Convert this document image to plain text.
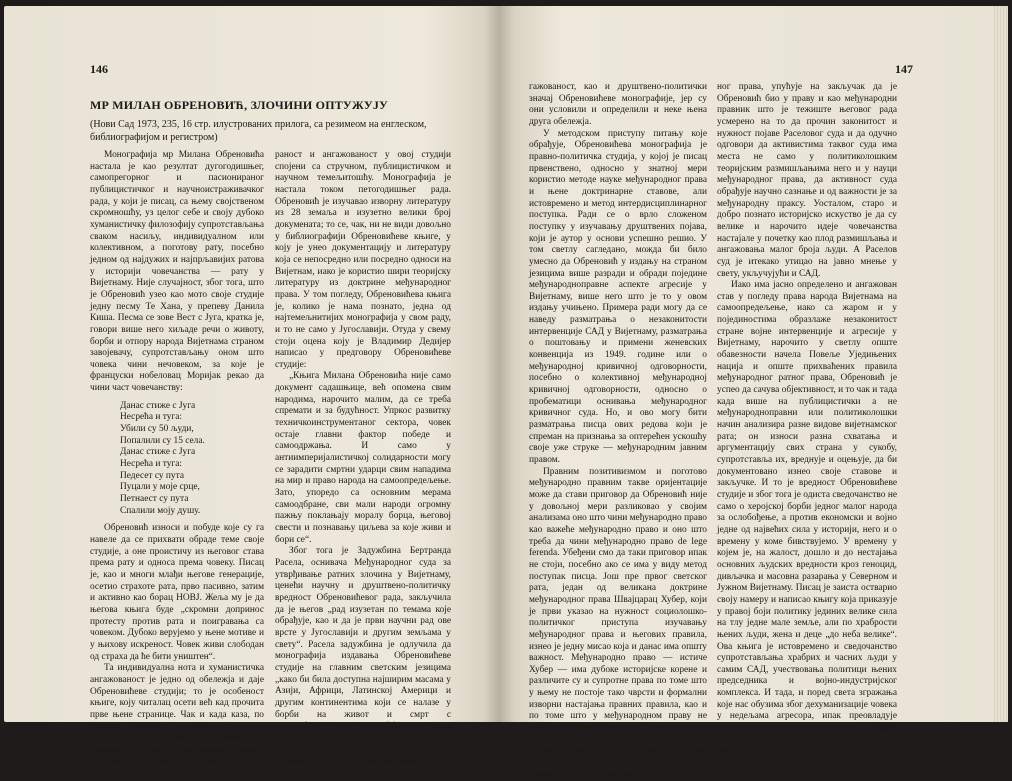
146
МР МИЛАН ОБРЕНОВИЋ, ЗЛОЧИНИ ОПТУЖУЈУ
(Нови Сад 1973, 235, 16 стр. илустрованих прилога, са резимеом на енглеском, библиографијом и регистром)

Монографија мр Милана Обреновића настала је као резултат дугогодишњег, самопрегорног и пасионираног публицистичког и научноистраживачког рада, у који је писац, са њему својственом скромношћу, уз целог себе и своју дубоко хуманистичку филозофију супротстављања сваком насиљу, индивидуалном или колективном, а поготову рату, посебно једном од најдужих и најпрљавијих ратова у историји човечанства — рату у Вијетнаму. Није случајност, због тога, што је Обреновић узео као мото своје студије једну песму Те Хана, у препеву Данила Киша. Песма се зове Вест с Југа, кратка је, говори више него хиљаде речи о животу, борби и отпору народа Вијетнама страном завојевачу, супротстављању оном што човека чини нечовеком, за које је француски нобеловац Моријак рекао да чини част човечанству:

Данас стиже с Југа
Несрећа и туга:
Убили су 50 људи,
Попалили су 15 села.
Данас стиже с Југа
Несрећа и туга:
Педесет су пута
Пуцали у моје срце,
Петнаест су пута
Спалили моју душу.

Обреновић износи и побуде које су га навеле да се прихвати обраде теме своје студије, а оне проистичу из његовог става према рату и односа према човеку. Писац је, као и многи млађи његове генерације, осетио страхоте рата, прво пасивно, затим и активно као борац НОВЈ. Жеља му је да његова књига буде „скромни допринос протесту против рата и поигравања са човеком. Дубоко верујемо у њене мотиве и у њихову искреност. Човек живи слободан од страха да ће бити уништен“.

Та индивидуална нота и хуманистичка ангажованост је једно од обележја и даје Обреновићеве студији; то је особеност књиге, коју читалац осети већ кад прочита прве њене странице. Чак и када каза, по природи предмета о којем расправља, аутор мора да користи понекад и сувопарну терминологију правних наука, посебно међународног права. Тако су пасиони-

раност и ангажованост у овој студији спојени са стручном, публицистичком и научном темељитошћу. Монографија је настала током петогодишњег рада. Обреновић је изучавао изворну литературу из 28 земаља и изузетно велики број докумената; то се, чак, ни не види довољно у библиографији Обреновићеве књиге, у коју је унео документацију и литературу која се непосредно или посредно односи на Вијетнам, иако је користио шири теоријску литературу из доктрине међународног права. У том погледу, Обреновићева књига је, колико је нама познато, једна од најтемељнитијих монографија у свом раду, и то не само у Југославији. Отуда у свему стоји оцена коју је Владимир Дедијер написао у предговору Обреновићеве студије:

„Књига Милана Обреновића није само документ садашњице, већ опомена свим народима, нарочито малим, да се треба спремати и за будућност. Упркос развитку техничкоинструментаног сектора, човек остаје главни фактор победе и самоодржања. И само у антиимперијалистичкој солидарности могу се зарадити смртни ударци свим нападима на мир и право народа на самоопредељење. Зато, упоредо са основним мерама самоодбране, сви мали народи огромну пажњу поклањају моралу борца, његовој свести и познавању циљева за које живи и бори се“.

Због тога је Задужбина Бертранда Расела, оснивача Међународног суда за утврђивање ратних злочина у Вијетнаму, ценећи научну и друштвено-политичку вредност Обреновићевог рада, закључила да је његов „рад изузетан по темама које обрађује, као и да је први научни рад ове врсте у Југославији и другим земљама у свету“. Расела задужбина је одлучила да монографија издавања Обреновићеве студије на главним светским језицима „какo би била доступна најширим масама у Азији, Африци, Латинској Америци и другим континентима који се налазе у борби на живот и смрт с империјалистичким силама“ (из предговора В. Дедијера).

Било је потребно да се истакну индивидуална нота и хуманистичка ан-

147

гажованост, као и друштвено-политички значај Обреновићеве монографије, јер су они условили и определили и неке њена друга обележја.

У методском приступу питању које обрађује, Обреновићева монографија је правно-политичка студија, у којој је писац првенствено, односно у знатној мери користио методе науке међународног права и њене доктринарне ставове, али истовремено и метод интердисциплинарног поступка. Ради се о врло сложеном поступку у изучавању друштвених појава, који је аутор у основи успешно решио. У том светлу сагледано, можда би било умесно да Обреновић у издању на страном језицима више разради и обради поједине међународноправне аспекте агресије у Вијетнаму, више него што је то у овом издању учињено. Примера ради могу да се наведу разматрања о незаконитости интервенције САД у Вијетнаму, разматрања о поштовању и примени женевских конвенција из 1949. године или о међународној кривичној одговорности, посебно о колективној међународној кривичној одговорности, односно о пробематици оснивања међународног кривичног суда. Но, и ово могу бити разматрања писца ових редова који је спреман на признања за оптерећен ускошћу своје уже струке — међународним јавним правом.

Правним позитивизмом и поготово међународно правним такве оријентације може да стави приговор да Обреновић није у довољној мери разликовао у својим анализама оно што чини међународно право као важеће међународно право и оно што треба да чини међународно право de lege ferenda. Убеђени смо да таки приговор ипак не стоји, посебно ако се има у виду метод поступак писца. Још пре првог светског рата, један од великана доктрине међународног права Швајцарац Хубер, који је први указао на нужност социолошко-политичког приступа изучавању међународног права и његових правила, изнео је једну мисао која и данас има општу важност. Међународно право — истиче Хубер — има дубоке историјске корене и различите су и супротне права по томе што у њему не постоје тако чврсти и формални изворни настајања правних правила, као и по томе што у међународном праву не постоји утврђен status quo, тачно одређено позитивно право, које утврђује стриктно права и обавезе субјеката права и правних односа. Већ то, са становишта развоја теорије и праксе међународ-

ног права, упућује на закључак да је Обреновић био у праву и као међународни правник што је тежиште његовог рада усмерено на то да прочин законитост и нужност појаве Раселовог суда и да одучно одговори да активистима таквог суда има места не само у политиколошким теоријским размишљањима него и у науци међународног права, да активност суда обрађује научно сазнање и од важности је за међународну праксу. Уосталом, старо и добро познато историјско искуство је да су велике и нарочито идеје човечанства настајале у почетку као плод размишљања и ангажовања малог броја људи. А Раселов суд је итекако утицао на јавно мнење у свету, укључујући и САД.

Иако има јасно определено и ангажован став у погледу права народа Вијетнама на самоопредељење, иако са жаром и у појединостима образлаже незаконитост стране војне интервенције и агресије у Вијетнаму, нарочито у светлу опште обавезности начела Повеље Уједињених нација и опште прихваћених правила међународног ратног права, Обреновић је успео да сачува објективност, и то чак и тада када више на публицистички а не међународноправни или политиколошки начин анализира разне видове вијетнамског рата; он износи разна схватања и аргументацију свих страна у сукобу, супротставља их, вреднује и оцењује, да би документовано изнео своје ставове и закључке. И то је вредност Обреновићеве студије и због тога је одиста сведочанство не само о херојској борби једног малог народа за ослобођење, а против економски и војно једне од највећих сила у историји, него и о времену у коме бивствујемо. У времену у којем је, на жалост, дошло и до нестајања основних људских вредности кроз геноцид, дивљачка и масовна разарања у Северном и Јужном Вијетнаму. Писац је заиста остварио своју намеру и написао књигу која приказује у правој боји политику јединих велике сила на тлу једне мале земље, али по храбрости њених људи, жена и деце „до неба велике“. Ова књига је истовремено и сведочанство супротстављања храбрих и часних људи у самим САД, учествовања политици њених председника и војно-индустријског комплекса. И тада, и поред света згражања које нас обузима због дехуманизације човека у недељама агресора, ипак преовладује осећање да је Горки итекако био у праву када је рекао: „Човек, како то звучи поносно“.
